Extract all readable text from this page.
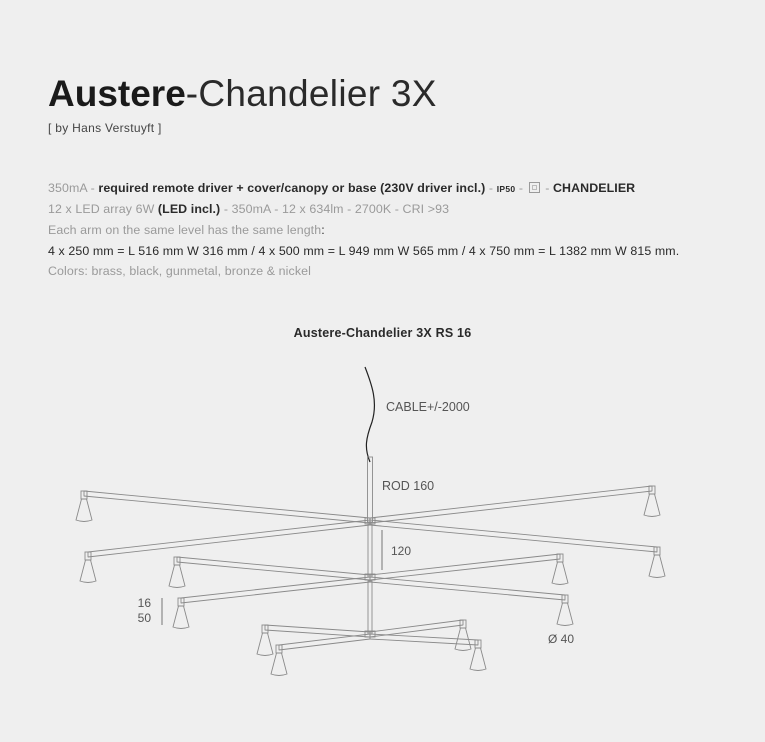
Austere-Chandelier 3X
[ by Hans Verstuyft ]
350mA - required remote driver + cover/canopy or base (230V driver incl.) - IP50 -  - CHANDELIER
12 x LED array 6W (LED incl.) - 350mA - 12 x 634lm - 2700K - CRI >93
Each arm on the same level has the same length:
4 x 250 mm = L 516 mm W 316 mm / 4 x 500 mm = L 949 mm W 565 mm / 4 x 750 mm = L 1382 mm W 815 mm.
Colors: brass, black, gunmetal, bronze & nickel
Austere-Chandelier 3X RS 16
CABLE+/-2000
ROD 160
120
16
50
Ø 40
